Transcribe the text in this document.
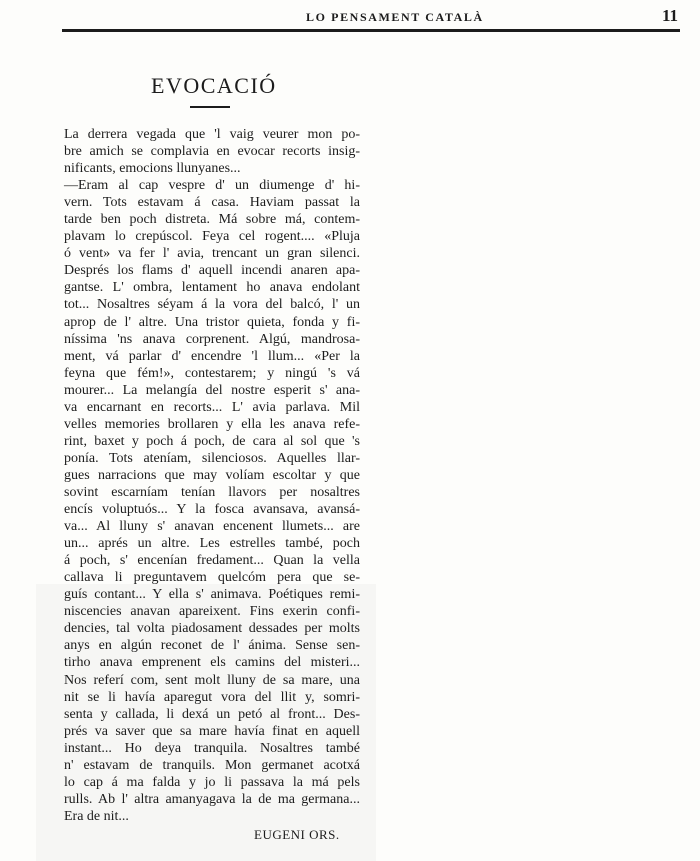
LO PENSAMENT CATALÀ	11
EVOCACIÓ
La derrera vegada que 'l vaig veurer mon po-
bre amich se complavia en evocar recorts insig-
nificants, emocions llunyanes...
—Eram al cap vespre d' un diumenge d' hi-
vern. Tots estavam á casa. Haviam passat la
tarde ben poch distreta. Má sobre má, contem-
plavam lo crepúscol. Feya cel rogent.... «Pluja
ó vent» va fer l' avia, trencant un gran silenci.
Després los flams d' aquell incendi anaren apa-
gantse. L' ombra, lentament ho anava endolant
tot... Nosaltres séyam á la vora del balcó, l' un
aprop de l' altre. Una tristor quieta, fonda y fi-
níssima 'ns anava corprenent. Algú, mandrosa-
ment, vá parlar d' encendre 'l llum... «Per la
feyna que fém!», contestarem; y ningú 's vá
mourer... La melangía del nostre esperit s' ana-
va encarnant en recorts... L' avia parlava. Mil
velles memories brollaren y ella les anava refe-
rint, baxet y poch á poch, de cara al sol que 's
ponía. Tots ateníam, silenciosos. Aquelles llar-
gues narracions que may volíam escoltar y que
sovint escarníam tenían llavors per nosaltres
encís voluptuós... Y la fosca avansava, avansá-
va... Al lluny s' anavan encenent llumets... are
un... aprés un altre. Les estrelles també, poch
á poch, s' encenían fredament... Quan la vella
callava li preguntavem quelcóm pera que se-
guís contant... Y ella s' animava. Poétiques remi-
niscencies anavan apareixent. Fins exerin confi-
dencies, tal volta piadosament dessades per molts
anys en algún reconet de l' ánima. Sense sen-
tirho anava emprenent els camins del misteri...
Nos referí com, sent molt lluny de sa mare, una
nit se li havía aparegut vora del llit y, somri-
senta y callada, li dexá un petó al front... Des-
prés va saver que sa mare havía finat en aquell
instant... Ho deya tranquila. Nosaltres també
n' estavam de tranquils. Mon germanet acotxá
lo cap á ma falda y jo li passava la má pels
rulls. Ab l' altra amanyagava la de ma germana...
Era de nit...
EUGENI ORS.
